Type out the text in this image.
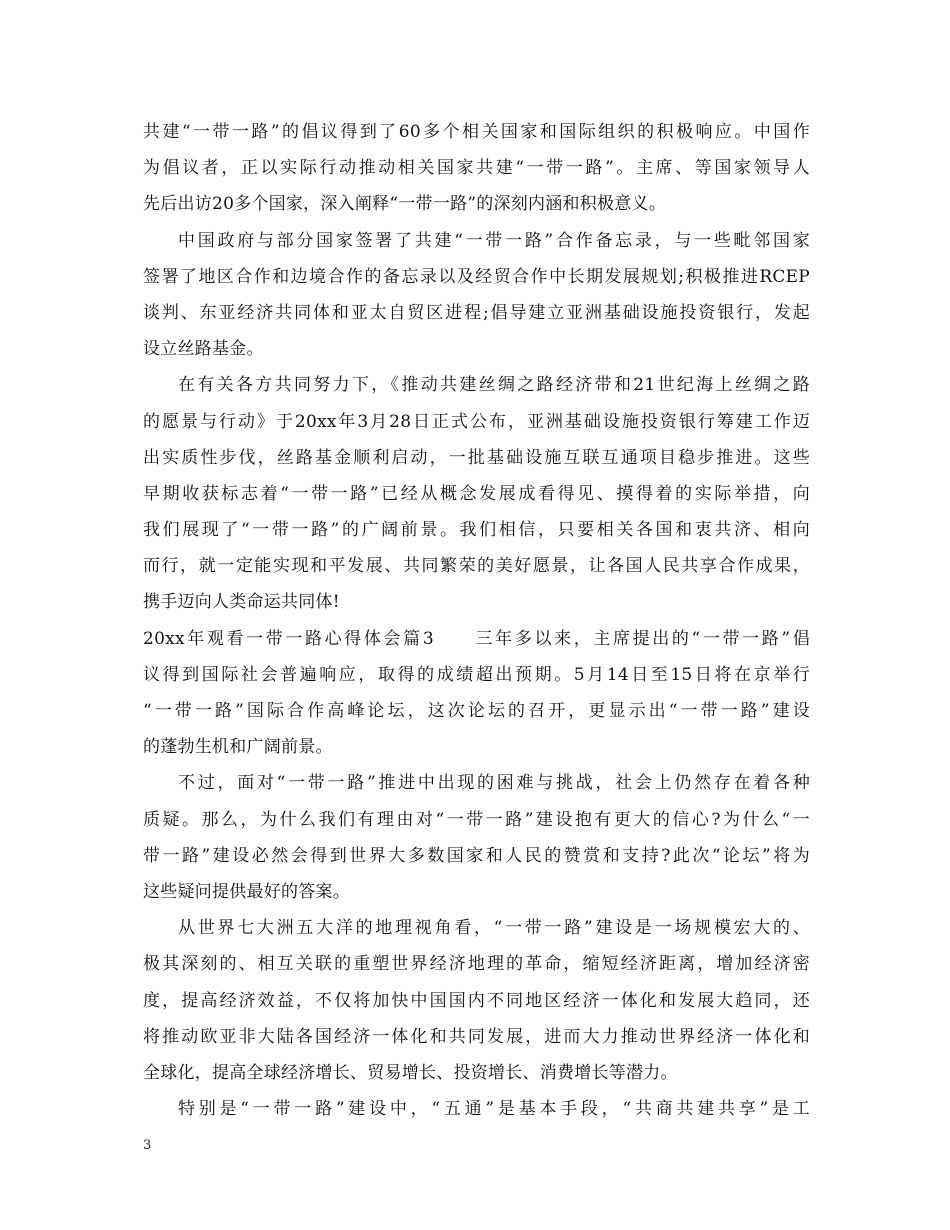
共建“一带一路”的倡议得到了60多个相关国家和国际组织的积极响应。中国作
为倡议者，正以实际行动推动相关国家共建“一带一路”。主席、等国家领导人
先后出访20多个国家，深入阐释“一带一路”的深刻内涵和积极意义。
中国政府与部分国家签署了共建“一带一路”合作备忘录，与一些毗邻国家
签署了地区合作和边境合作的备忘录以及经贸合作中长期发展规划;积极推进RCEP
谈判、东亚经济共同体和亚太自贸区进程;倡导建立亚洲基础设施投资银行，发起
设立丝路基金。
在有关各方共同努力下，《推动共建丝绸之路经济带和21世纪海上丝绸之路
的愿景与行动》于20xx年3月28日正式公布，亚洲基础设施投资银行筹建工作迈
出实质性步伐，丝路基金顺利启动，一批基础设施互联互通项目稳步推进。这些
早期收获标志着“一带一路”已经从概念发展成看得见、摸得着的实际举措，向
我们展现了“一带一路”的广阔前景。我们相信，只要相关各国和衷共济、相向
而行，就一定能实现和平发展、共同繁荣的美好愿景，让各国人民共享合作成果，
携手迈向人类命运共同体!
20xx年观看一带一路心得体会篇3　　三年多以来，主席提出的“一带一路”倡
议得到国际社会普遍响应，取得的成绩超出预期。5月14日至15日将在京举行
“一带一路”国际合作高峰论坛，这次论坛的召开，更显示出“一带一路”建设
的蓬勃生机和广阔前景。
不过，面对“一带一路”推进中出现的困难与挑战，社会上仍然存在着各种
质疑。那么，为什么我们有理由对“一带一路”建设抱有更大的信心?为什么“一
带一路”建设必然会得到世界大多数国家和人民的赞赏和支持?此次“论坛”将为
这些疑问提供最好的答案。
从世界七大洲五大洋的地理视角看，“一带一路”建设是一场规模宏大的、
极其深刻的、相互关联的重塑世界经济地理的革命，缩短经济距离，增加经济密
度，提高经济效益，不仅将加快中国国内不同地区经济一体化和发展大趋同，还
将推动欧亚非大陆各国经济一体化和共同发展，进而大力推动世界经济一体化和
全球化，提高全球经济增长、贸易增长、投资增长、消费增长等潜力。
特别是“一带一路”建设中，“五通”是基本手段，“共商共建共享”是工
3
